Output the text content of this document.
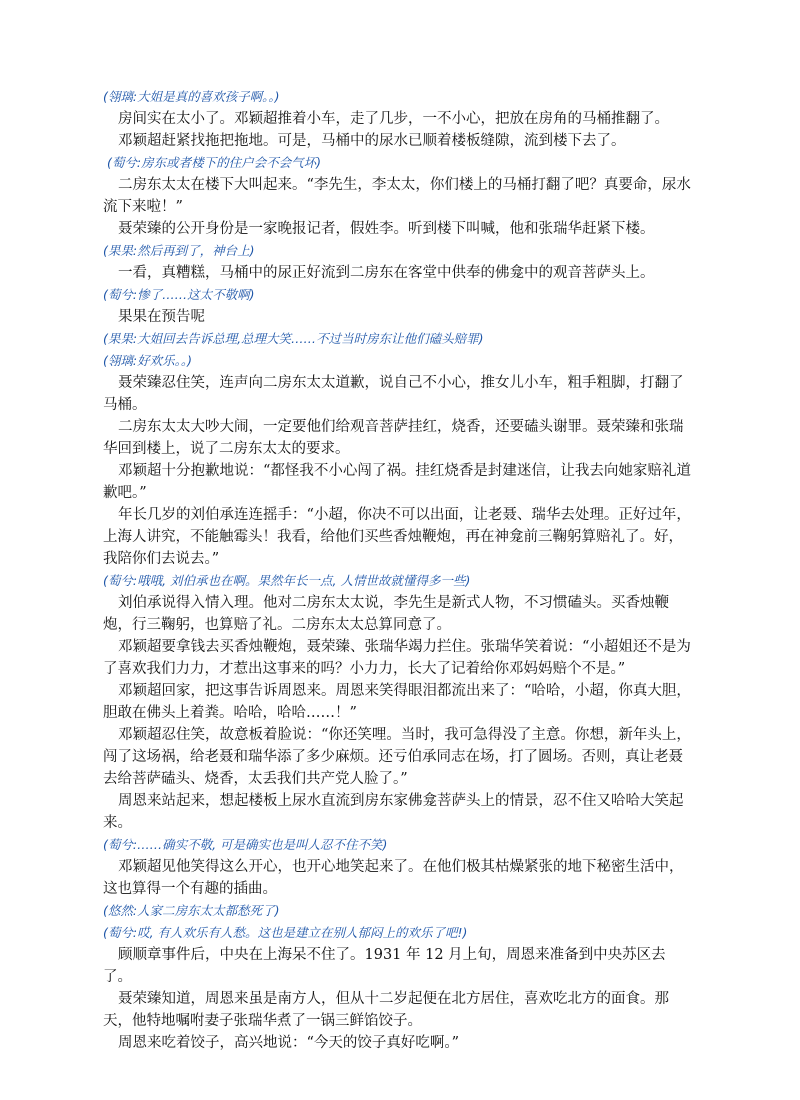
(翎璃:大姐是真的喜欢孩子啊。。)

房间实在太小了。邓颖超推着小车，走了几步，一不小心，把放在房角的马桶推翻了。

邓颖超赶紧找拖把拖地。可是，马桶中的尿水已顺着楼板缝隙，流到楼下去了。

(萄兮:房东或者楼下的住户会不会气坏)

二房东太太在楼下大叫起来。“李先生，李太太，你们楼上的马桶打翻了吧？真要命，尿水流下来啦！”

聂荣臻的公开身份是一家晚报记者，假姓李。听到楼下叫喊，他和张瑞华赶紧下楼。

(果果:然后再到了，神台上)

一看，真糟糕，马桶中的尿正好流到二房东在客堂中供奉的佛龛中的观音菩萨头上。

(萄兮:惨了……这太不敬啊)

果果在预告呢

(果果:大姐回去告诉总理,总理大笑……不过当时房东让他们磕头赔罪)

(翎璃:好欢乐。。)

聂荣臻忍住笑，连声向二房东太太道歉，说自己不小心，推女儿小车，粗手粗脚，打翻了马桶。

二房东太太大吵大闹，一定要他们给观音菩萨挂红，烧香，还要磕头谢罪。聂荣臻和张瑞华回到楼上，说了二房东太太的要求。

邓颖超十分抱歉地说：“都怪我不小心闯了祸。挂红烧香是封建迷信，让我去向她家赔礼道歉吧。”

年长几岁的刘伯承连连摇手：“小超，你决不可以出面，让老聂、瑞华去处理。正好过年，上海人讲究，不能触霉头！我看，给他们买些香烛鞭炮，再在神龛前三鞠躬算赔礼了。好，我陪你们去说去。”

(萄兮:哦哦, 刘伯承也在啊。果然年长一点, 人情世故就懂得多一些)

刘伯承说得入情入理。他对二房东太太说，李先生是新式人物，不习惯磕头。买香烛鞭炮，行三鞠躬，也算赔了礼。二房东太太总算同意了。

邓颖超要拿钱去买香烛鞭炮，聂荣臻、张瑞华竭力拦住。张瑞华笑着说：“小超姐还不是为了喜欢我们力力，才惹出这事来的吗？小力力，长大了记着给你邓妈妈赔个不是。”

邓颖超回家，把这事告诉周恩来。周恩来笑得眼泪都流出来了：“哈哈，小超，你真大胆，胆敢在佛头上着粪。哈哈，哈哈……！”

邓颖超忍住笑，故意板着脸说：“你还笑哩。当时，我可急得没了主意。你想，新年头上，闯了这场祸，给老聂和瑞华添了多少麻烦。还亏伯承同志在场，打了圆场。否则，真让老聂去给菩萨磕头、烧香，太丢我们共产党人脸了。”

周恩来站起来，想起楼板上尿水直流到房东家佛龛菩萨头上的情景，忍不住又哈哈大笑起来。

(萄兮:……确实不敬, 可是确实也是叫人忍不住不笑)

邓颖超见他笑得这么开心，也开心地笑起来了。在他们极其枯燥紧张的地下秘密生活中，这也算得一个有趣的插曲。

(悠然:人家二房东太太都愁死了)

(萄兮:哎, 有人欢乐有人愁。这也是建立在别人郁闷上的欢乐了吧!)

顾顺章事件后，中央在上海呆不住了。1931 年 12 月上旬，周恩来准备到中央苏区去了。

聂荣臻知道，周恩来虽是南方人，但从十二岁起便在北方居住，喜欢吃北方的面食。那天，他特地嘱咐妻子张瑞华煮了一锅三鲜馅饺子。

周恩来吃着饺子，高兴地说：“今天的饺子真好吃啊。”
